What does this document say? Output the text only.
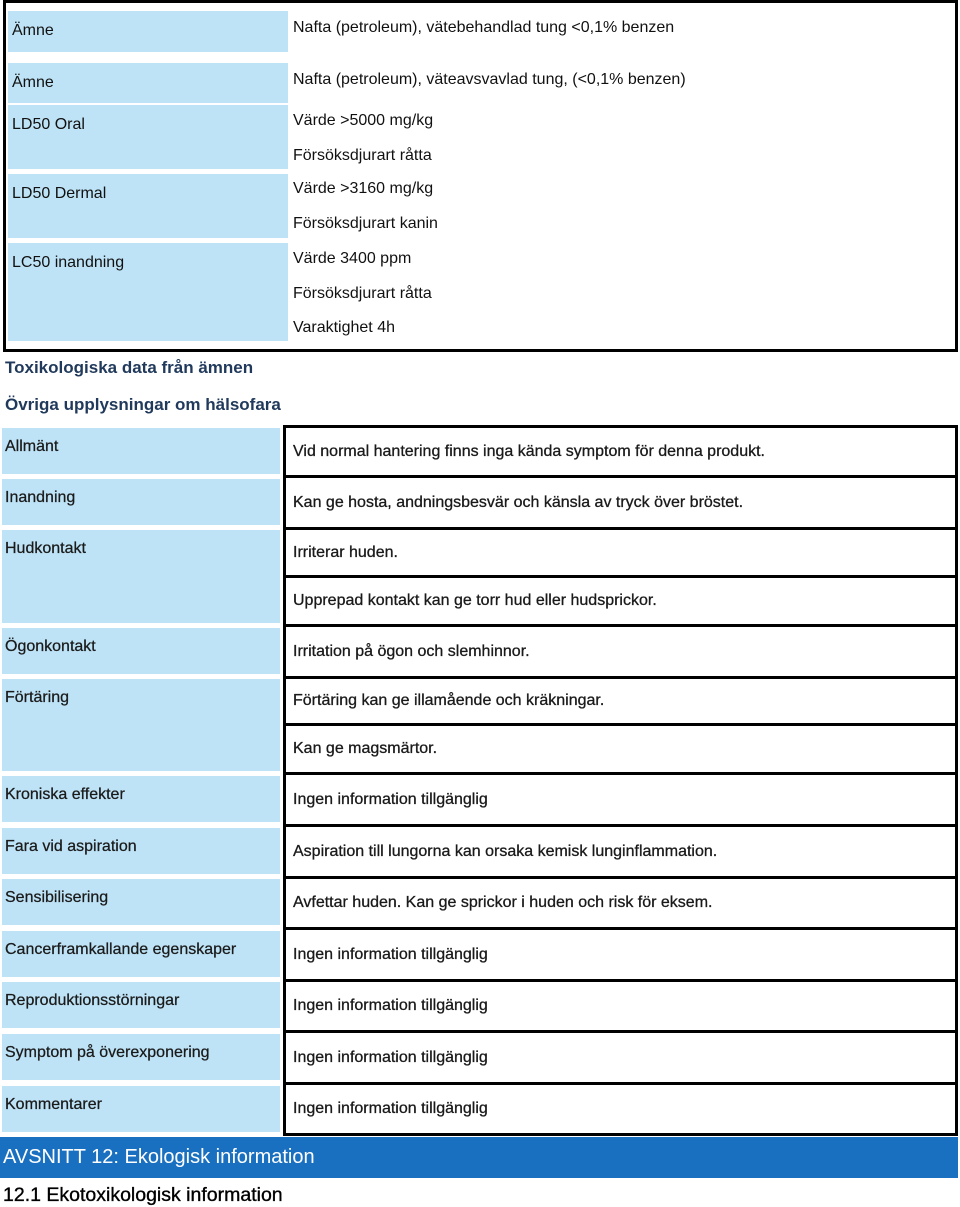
Ämne	Nafta (petroleum), vätebehandlad tung <0,1% benzen
Ämne	Nafta (petroleum), väteavsvavlad tung, (<0,1% benzen)
LD50 Oral	Värde >5000 mg/kg
Försöksdjurart råtta
LD50 Dermal	Värde >3160 mg/kg
Försöksdjurart kanin
LC50 inandning	Värde 3400 ppm
Försöksdjurart råtta
Varaktighet 4h
Toxikologiska data från ämnen
Övriga upplysningar om hälsofara
Allmänt	Vid normal hantering finns inga kända symptom för denna produkt.
Inandning	Kan ge hosta, andningsbesvär och känsla av tryck över bröstet.
Hudkontakt	Irriterar huden.
Upprepad kontakt kan ge torr hud eller hudsprickor.
Ögonkontakt	Irritation på ögon och slemhinnor.
Förtäring	Förtäring kan ge illamående och kräkningar.
Kan ge magsmärtor.
Kroniska effekter	Ingen information tillgänglig
Fara vid aspiration	Aspiration till lungorna kan orsaka kemisk lunginflammation.
Sensibilisering	Avfettar huden. Kan ge sprickor i huden och risk för eksem.
Cancerframkallande egenskaper	Ingen information tillgänglig
Reproduktionsstörningar	Ingen information tillgänglig
Symptom på överexponering	Ingen information tillgänglig
Kommentarer	Ingen information tillgänglig
AVSNITT 12: Ekologisk information
12.1 Ekotoxikologisk information
